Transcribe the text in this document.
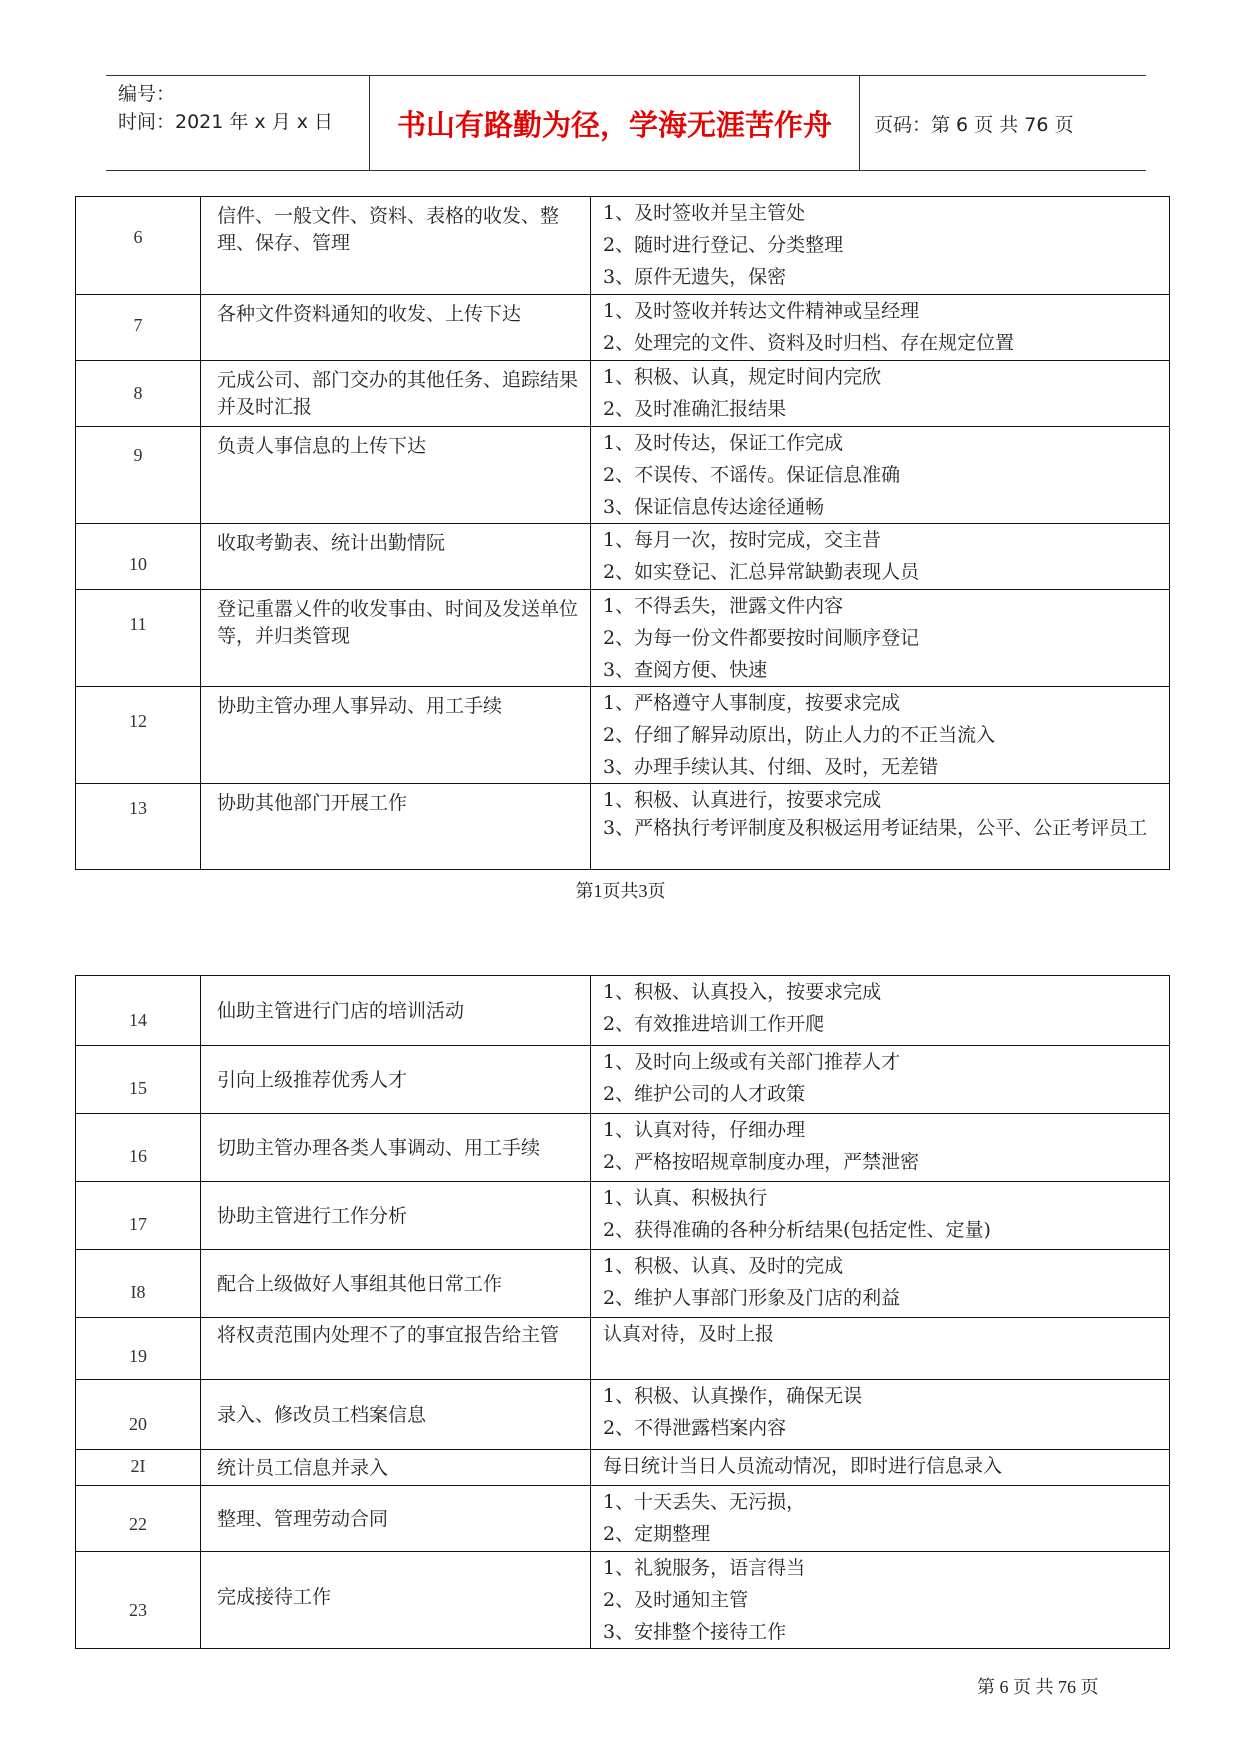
编号：
时间：2021 年 x 月 x 日	书山有路勤为径，学海无涯苦作舟	页码：第 6 页 共 76 页
6	信件、一般文件、资料、表格的收发、整理、保存、管理	1、及时签收并呈主管处
2、随时进行登记、分类整理
3、原件无遗失，保密

7	各种文件资料通知的收发、上传下达	1、及时签收并转达文件精神或呈经理
2、处理完的文件、资料及时归档、存在规定位置

8	元成公司、部门交办的其他任务、追踪结果并及时汇报	1、积极、认真，规定时间内完欣
2、及时准确汇报结果

9	负责人事信息的上传下达	1、及时传达，保证工作完成
2、不误传、不谣传。保证信息准确
3、保证信息传达途径通畅

10	收取考勤表、统计出勤情阮	1、每月一次，按时完成，交主昔
2、如实登记、汇总异常缺勤表现人员

11	登记重嚣乂件的收发事由、时间及发送单位等，并归类管现	1、不得丢失，泄露文件内容
2、为每一份文件都要按时间顺序登记
3、查阅方便、快速

12	协助主管办理人事异动、用工手续	1、严格遵守人事制度，按要求完成
2、仔细了解异动原出，防止人力的不正当流入
3、办理手续认其、付细、及时，无差错

13	协助其他部门开展工作	1、积极、认真进行，按要求完成
3、严格执行考评制度及积极运用考证结果，公平、公正考评员工
第1页共3页
14	仙助主管进行门店的培训活动	1、积极、认真投入，按要求完成
2、有效推进培训工作开爬

15	引向上级推荐优秀人才	1、及时向上级或有关部门推荐人才
2、维护公司的人才政策

16	切助主管办理各类人事调动、用工手续	1、认真对待，仔细办理
2、严格按昭规章制度办理，严禁泄密

17	协助主管进行工作分析	1、认真、积极执行
2、获得准确的各种分析结果(包括定性、定量)

I8	配合上级做好人事组其他日常工作	1、积极、认真、及时的完成
2、维护人事部门形象及门店的利益

19	将权责范围内处理不了的事宜报告给主管	认真对待，及时上报

20	录入、修改员工档案信息	1、积极、认真操作，确保无误
2、不得泄露档案内容

2I	统计员工信息并录入	每日统计当日人员流动情况，即时进行信息录入

22	整理、管理劳动合同	1、十天丢失、无污损，
2、定期整理

23	完成接待工作	1、礼貌服务，语言得当
2、及时通知主管
3、安排整个接待工作
第 6 页 共 76 页
